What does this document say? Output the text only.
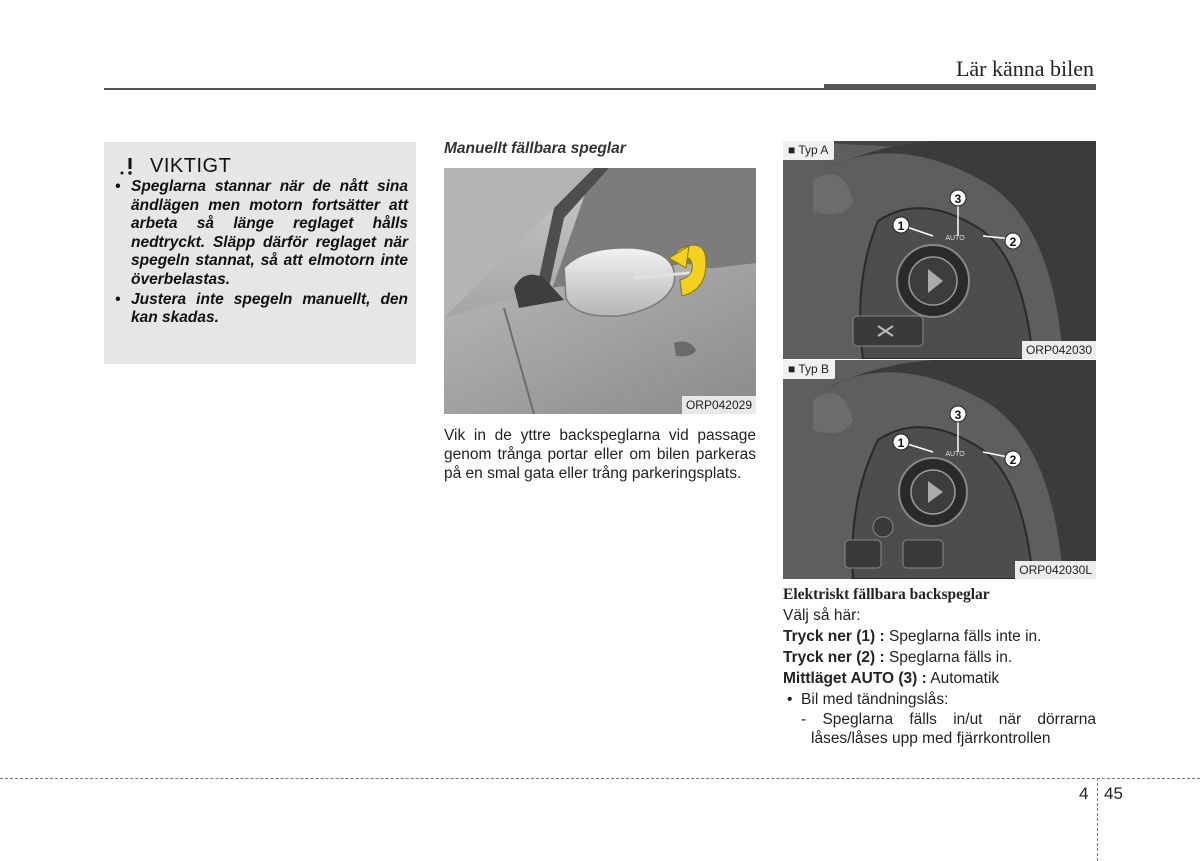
Lär känna bilen
VIKTIGT
• Speglarna stannar när de nått sina ändlägen men motorn fortsätter att arbeta så länge reglaget hålls nedtryckt. Släpp därför reglaget när spegeln stannat, så att elmotorn inte överbelastas.
• Justera inte spegeln manuellt, den kan skadas.
Manuellt fällbara speglar
ORP042029

Vik in de yttre backspeglarna vid passage genom trånga portar eller om bilen parkeras på en smal gata eller trång parkeringsplats.

1
3
2
AUTO
■ Typ A
ORP042030
1
3
2
AUTO
■ Typ B
ORP042030L
Elektriskt fällbara backspeglar
Välj så här:
Tryck ner (1) : Speglarna fälls inte in.
Tryck ner (2) : Speglarna fälls in.
Mittläget AUTO (3) : Automatik
•  Bil med tändningslås:
- Speglarna fälls in/ut när dörrarna låses/låses upp med fjärrkontrollen
4 45
